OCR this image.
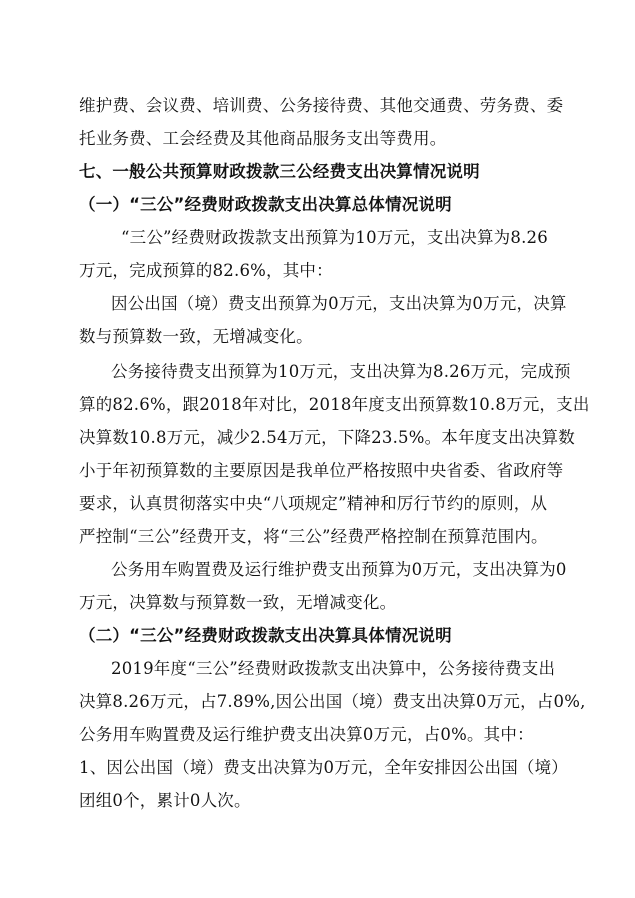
维护费、会议费、培训费、公务接待费、其他交通费、劳务费、委
托业务费、工会经费及其他商品服务支出等费用。
七、一般公共预算财政拨款三公经费支出决算情况说明
（一）“三公”经费财政拨款支出决算总体情况说明
“三公”经费财政拨款支出预算为10万元，支出决算为8.26
万元，完成预算的82.6%，其中：
因公出国（境）费支出预算为0万元，支出决算为0万元，决算
数与预算数一致，无增减变化。
公务接待费支出预算为10万元，支出决算为8.26万元，完成预
算的82.6%，跟2018年对比，2018年度支出预算数10.8万元，支出
决算数10.8万元，减少2.54万元，下降23.5%。本年度支出决算数
小于年初预算数的主要原因是我单位严格按照中央省委、省政府等
要求，认真贯彻落实中央“八项规定”精神和厉行节约的原则，从
严控制“三公”经费开支，将“三公”经费严格控制在预算范围内。
公务用车购置费及运行维护费支出预算为0万元，支出决算为0
万元，决算数与预算数一致，无增减变化。
（二）“三公”经费财政拨款支出决算具体情况说明
2019年度“三公”经费财政拨款支出决算中，公务接待费支出
决算8.26万元，占7.89%,因公出国（境）费支出决算0万元，占0%,
公务用车购置费及运行维护费支出决算0万元，占0%。其中：
1、因公出国（境）费支出决算为0万元，全年安排因公出国（境）
团组0个，累计0人次。
